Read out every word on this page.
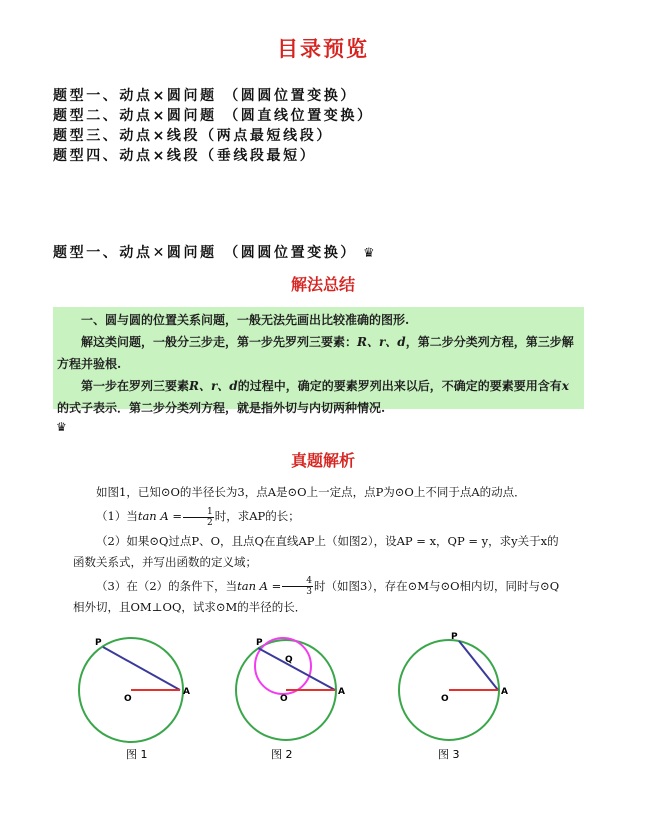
目录预览
题型一、动点×圆问题 （圆圆位置变换）
题型二、动点×圆问题 （圆直线位置变换）
题型三、动点×线段（两点最短线段）
题型四、动点×线段（垂线段最短）
题型一、动点✕圆问题 （圆圆位置变换） ♛
解法总结

一、圆与圆的位置关系问题，一般无法先画出比较准确的图形.

解这类问题，一般分三步走，第一步先罗列三要素：R、r、d，第二步分类列方程，第三步解方程并验根.

第一步在罗列三要素R、r、d的过程中，确定的要素罗列出来以后，不确定的要素要用含有x的式子表示．第二步分类列方程，就是指外切与内切两种情况.

♛
真题解析

如图1，已知⊙O的半径长为3，点A是⊙O上一定点，点P为⊙O上不同于点A的动点．

（1）当$\tan A = \frac{1}{2}$ 时，求AP的长；

（2）如果⊙Q过点P、O，且点Q在直线AP上（如图2），设AP = x，QP = y，求y关于x的函数关系式，并写出函数的定义域；

（3）在（2）的条件下，当$\tan A = \frac{4}{3}$ 时（如图3），存在⊙M与⊙O相内切，同时与⊙Q相外切，且OM⊥OQ，试求⊙M的半径的长．

P
O
A
图 1
P
Q
O
A
图 2
P
O
A
图 3
